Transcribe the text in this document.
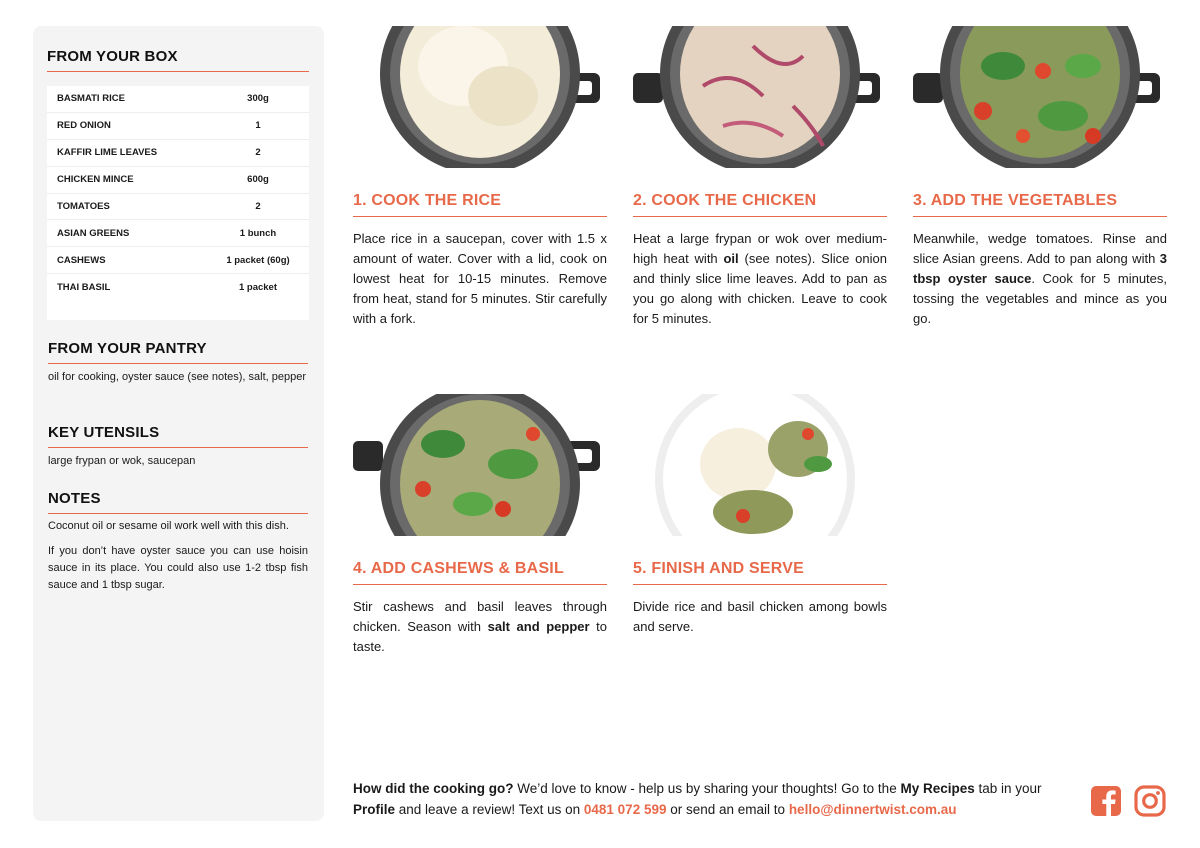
FROM YOUR BOX
BASMATI RICE	300g
RED ONION	1
KAFFIR LIME LEAVES	2
CHICKEN MINCE	600g
TOMATOES	2
ASIAN GREENS	1 bunch
CASHEWS	1 packet (60g)
THAI BASIL	1 packet
FROM YOUR PANTRY
oil for cooking, oyster sauce (see notes), salt, pepper
KEY UTENSILS
large frypan or wok, saucepan
NOTES

Coconut oil or sesame oil work well with this dish.

If you don’t have oyster sauce you can use hoisin sauce in its place. You could also use 1-2 tbsp fish sauce and 1 tbsp sugar.

1. COOK THE RICE
Place rice in a saucepan, cover with 1.5 x amount of water. Cover with a lid, cook on lowest heat for 10-15 minutes. Remove from heat, stand for 5 minutes. Stir carefully with a fork.
2. COOK THE CHICKEN
Heat a large frypan or wok over medium-high heat with oil (see notes). Slice onion and thinly slice lime leaves. Add to pan as you go along with chicken. Leave to cook for 5 minutes.
3. ADD THE VEGETABLES
Meanwhile, wedge tomatoes. Rinse and slice Asian greens. Add to pan along with 3 tbsp oyster sauce. Cook for 5 minutes, tossing the vegetables and mince as you go.
4. ADD CASHEWS & BASIL
Stir cashews and basil leaves through chicken. Season with salt and pepper to taste.
5. FINISH AND SERVE
Divide rice and basil chicken among bowls and serve.
How did the cooking go? We’d love to know - help us by sharing your thoughts! Go to the My Recipes tab in your Profile and leave a review! Text us on 0481 072 599 or send an email to hello@dinnertwist.com.au
